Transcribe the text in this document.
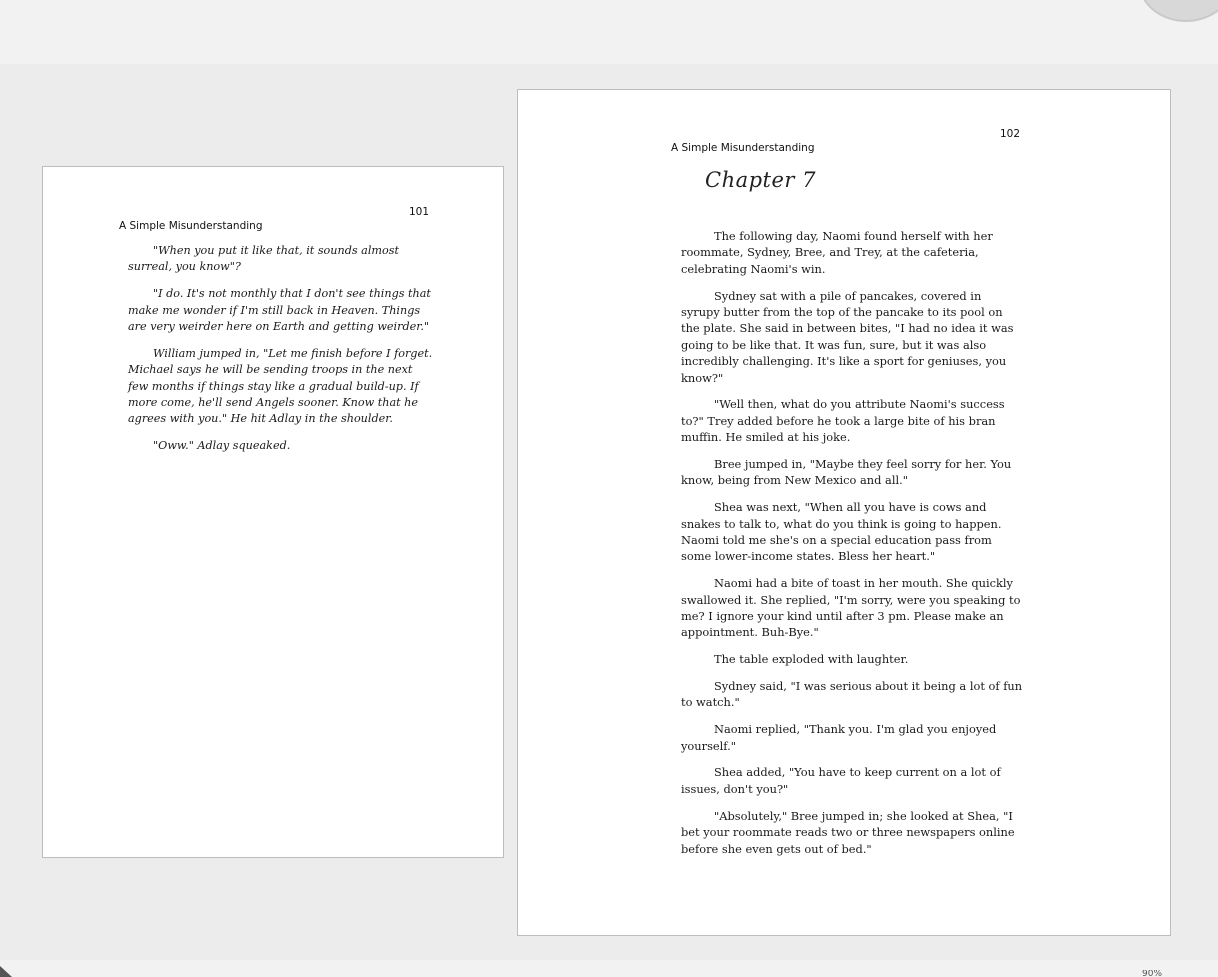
101
A Simple Misunderstanding

"When you put it like that, it sounds almost surreal, you know"?

"I do. It's not monthly that I don't see things that make me wonder if I'm still back in Heaven. Things are very weirder here on Earth and getting weirder."

William jumped in, "Let me finish before I forget. Michael says he will be sending troops in the next few months if things stay like a gradual build-up. If more come, he'll send Angels sooner. Know that he agrees with you." He hit Adlay in the shoulder.

"Oww." Adlay squeaked.

102
A Simple Misunderstanding
Chapter 7

The following day, Naomi found herself with her roommate, Sydney, Bree, and Trey, at the cafeteria, celebrating Naomi's win.

Sydney sat with a pile of pancakes, covered in syrupy butter from the top of the pancake to its pool on the plate. She said in between bites, "I had no idea it was going to be like that. It was fun, sure, but it was also incredibly challenging. It's like a sport for geniuses, you know?"

"Well then, what do you attribute Naomi's success to?" Trey added before he took a large bite of his bran muffin. He smiled at his joke.

Bree jumped in, "Maybe they feel sorry for her. You know, being from New Mexico and all."

Shea was next, "When all you have is cows and snakes to talk to, what do you think is going to happen. Naomi told me she's on a special education pass from some lower-income states. Bless her heart."

Naomi had a bite of toast in her mouth. She quickly swallowed it. She replied, "I'm sorry, were you speaking to me? I ignore your kind until after 3 pm. Please make an appointment. Buh-Bye."

The table exploded with laughter.

Sydney said, "I was serious about it being a lot of fun to watch."

Naomi replied, "Thank you. I'm glad you enjoyed yourself."

Shea added, "You have to keep current on a lot of issues, don't you?"

"Absolutely," Bree jumped in; she looked at Shea, "I bet your roommate reads two or three newspapers online before she even gets out of bed."

90%
